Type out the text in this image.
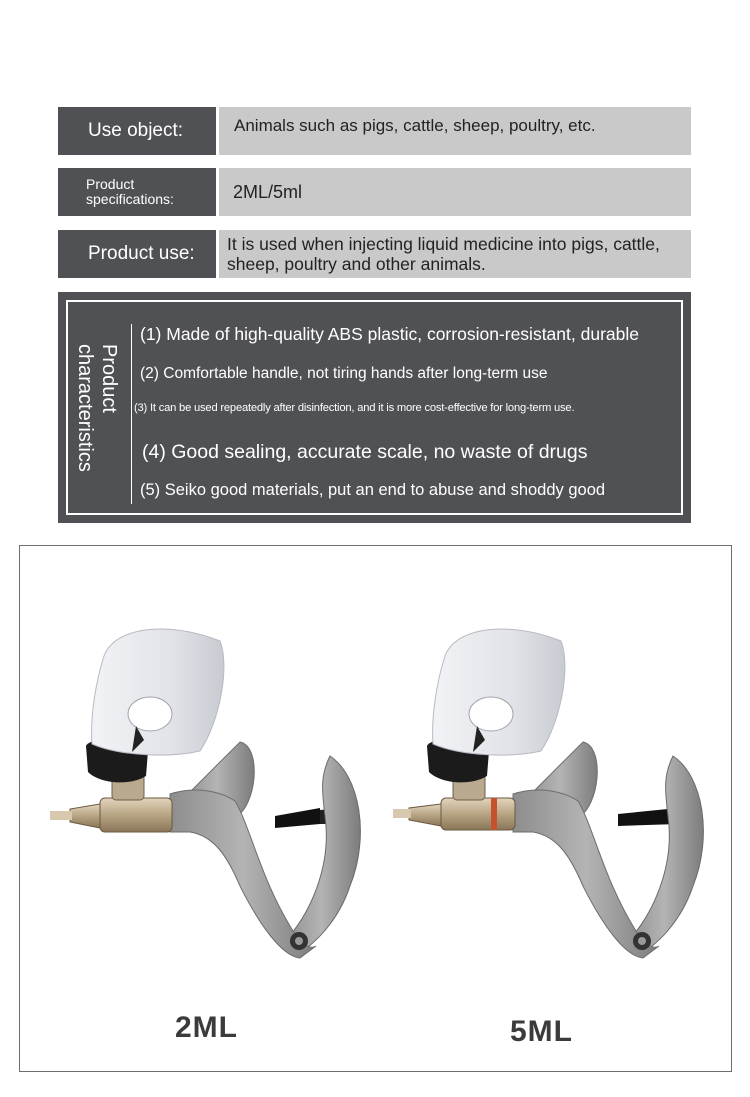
Use object:	Animals such as pigs, cattle, sheep, poultry, etc.
Product specifications:	2ML/5ml
Product use:	It is used when injecting liquid medicine into pigs, cattle, sheep, poultry and other animals.
Product characteristics
(1) Made of high-quality ABS plastic, corrosion-resistant, durable
(2) Comfortable handle, not tiring hands after long-term use
(3) It can be used repeatedly after disinfection, and it is more cost-effective for long-term use.
(4) Good sealing, accurate scale, no waste of drugs
(5) Seiko good materials, put an end to abuse and shoddy good
2ML	5ML
